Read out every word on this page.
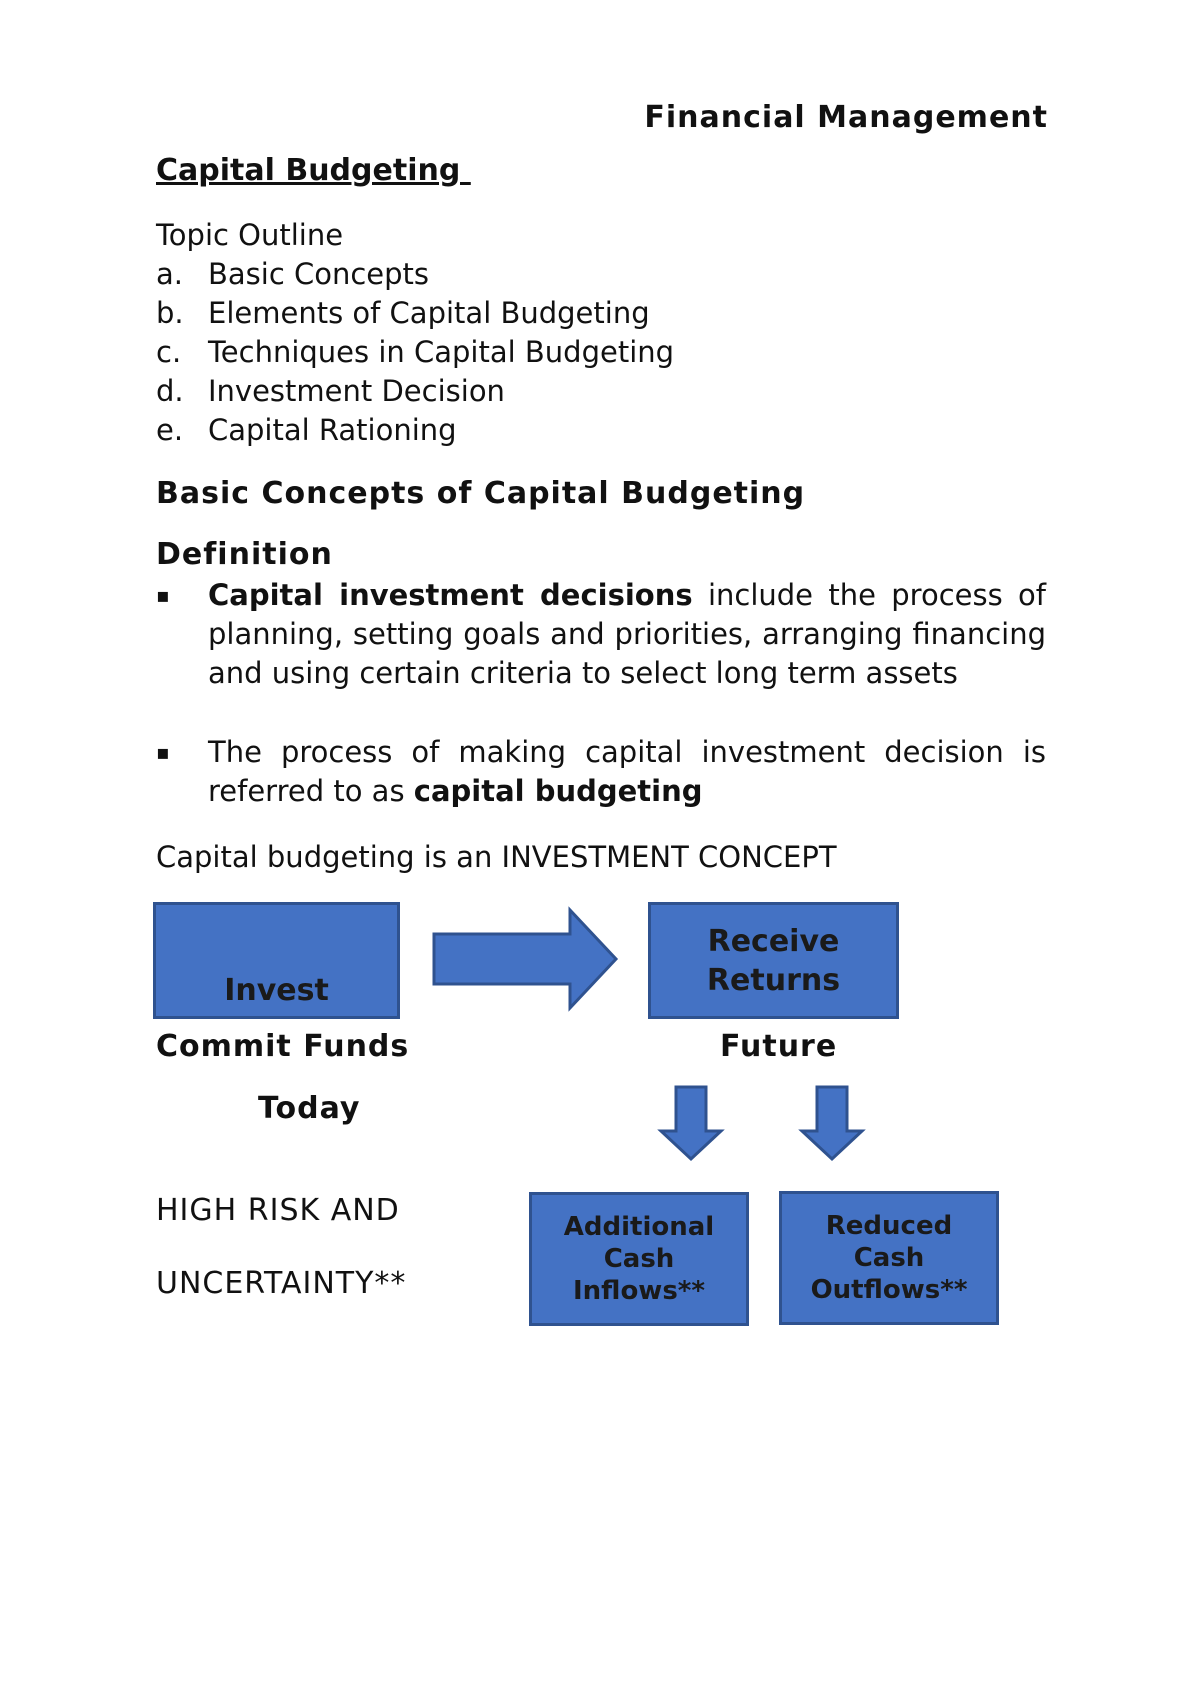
Financial Management
Capital Budgeting
Topic Outline
a. Basic Concepts
b. Elements of Capital Budgeting
c. Techniques in Capital Budgeting
d. Investment Decision
e. Capital Rationing
Basic Concepts of Capital Budgeting
Definition
▪	Capital investment decisions include the process of planning, setting goals and priorities, arranging financing and using certain criteria to select long term assets
▪	The process of making capital investment decision is referred to as capital budgeting
Capital budgeting is an INVESTMENT CONCEPT
Invest
Receive
Returns
Commit Funds
Today
Future
HIGH RISK AND
UNCERTAINTY**
Additional
Cash
Inflows**
Reduced
Cash
Outflows**
